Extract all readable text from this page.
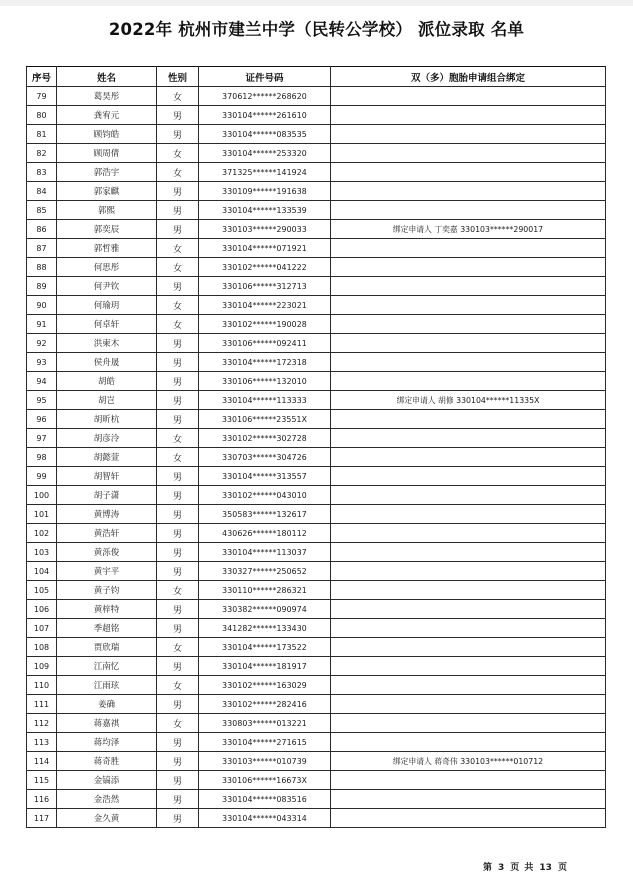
2022年 杭州市建兰中学（民转公学校） 派位录取 名单
序号	姓名	性别	证件号码	双（多）胞胎申请组合绑定
79	葛昊彤	女	370612******268620	
80	龚宥元	男	330104******261610	
81	顾钧皓	男	330104******083535	
82	顾周倩	女	330104******253320	
83	郭浩宇	女	371325******141924	
84	郭家麒	男	330109******191638	
85	郭熙	男	330104******133539	
86	郭奕辰	男	330103******290033	绑定申请人 丁奕嘉 330103******290017
87	郭哲雅	女	330104******071921	
88	何思彤	女	330102******041222	
89	何尹钦	男	330106******312713	
90	何瑜玥	女	330104******223021	
91	何卓轩	女	330102******190028	
92	洪柬木	男	330106******092411	
93	侯舟晟	男	330104******172318	
94	胡皓	男	330106******132010	
95	胡岂	男	330104******113333	绑定申请人 胡修 330104******11335X
96	胡昕杭	男	330106******23551X	
97	胡彦泠	女	330102******302728	
98	胡懿萱	女	330703******304726	
99	胡智轩	男	330104******313557	
100	胡子潇	男	330102******043010	
101	黄博涛	男	350583******132617	
102	黄浩轩	男	430626******180112	
103	黄泺俊	男	330104******113037	
104	黄宇平	男	330327******250652	
105	黄子钧	女	330110******286321	
106	黄梓特	男	330382******090974	
107	季超铭	男	341282******133430	
108	贾欣瑞	女	330104******173522	
109	江南忆	男	330104******181917	
110	江雨玹	女	330102******163029	
111	姜确	男	330102******282416	
112	蒋嘉祺	女	330803******013221	
113	蒋均泽	男	330104******271615	
114	蒋奇胜	男	330103******010739	绑定申请人 蒋奇伟 330103******010712
115	金镐添	男	330106******16673X	
116	金浩然	男	330104******083516	
117	金久黄	男	330104******043314	
第 3 页 共 13 页
